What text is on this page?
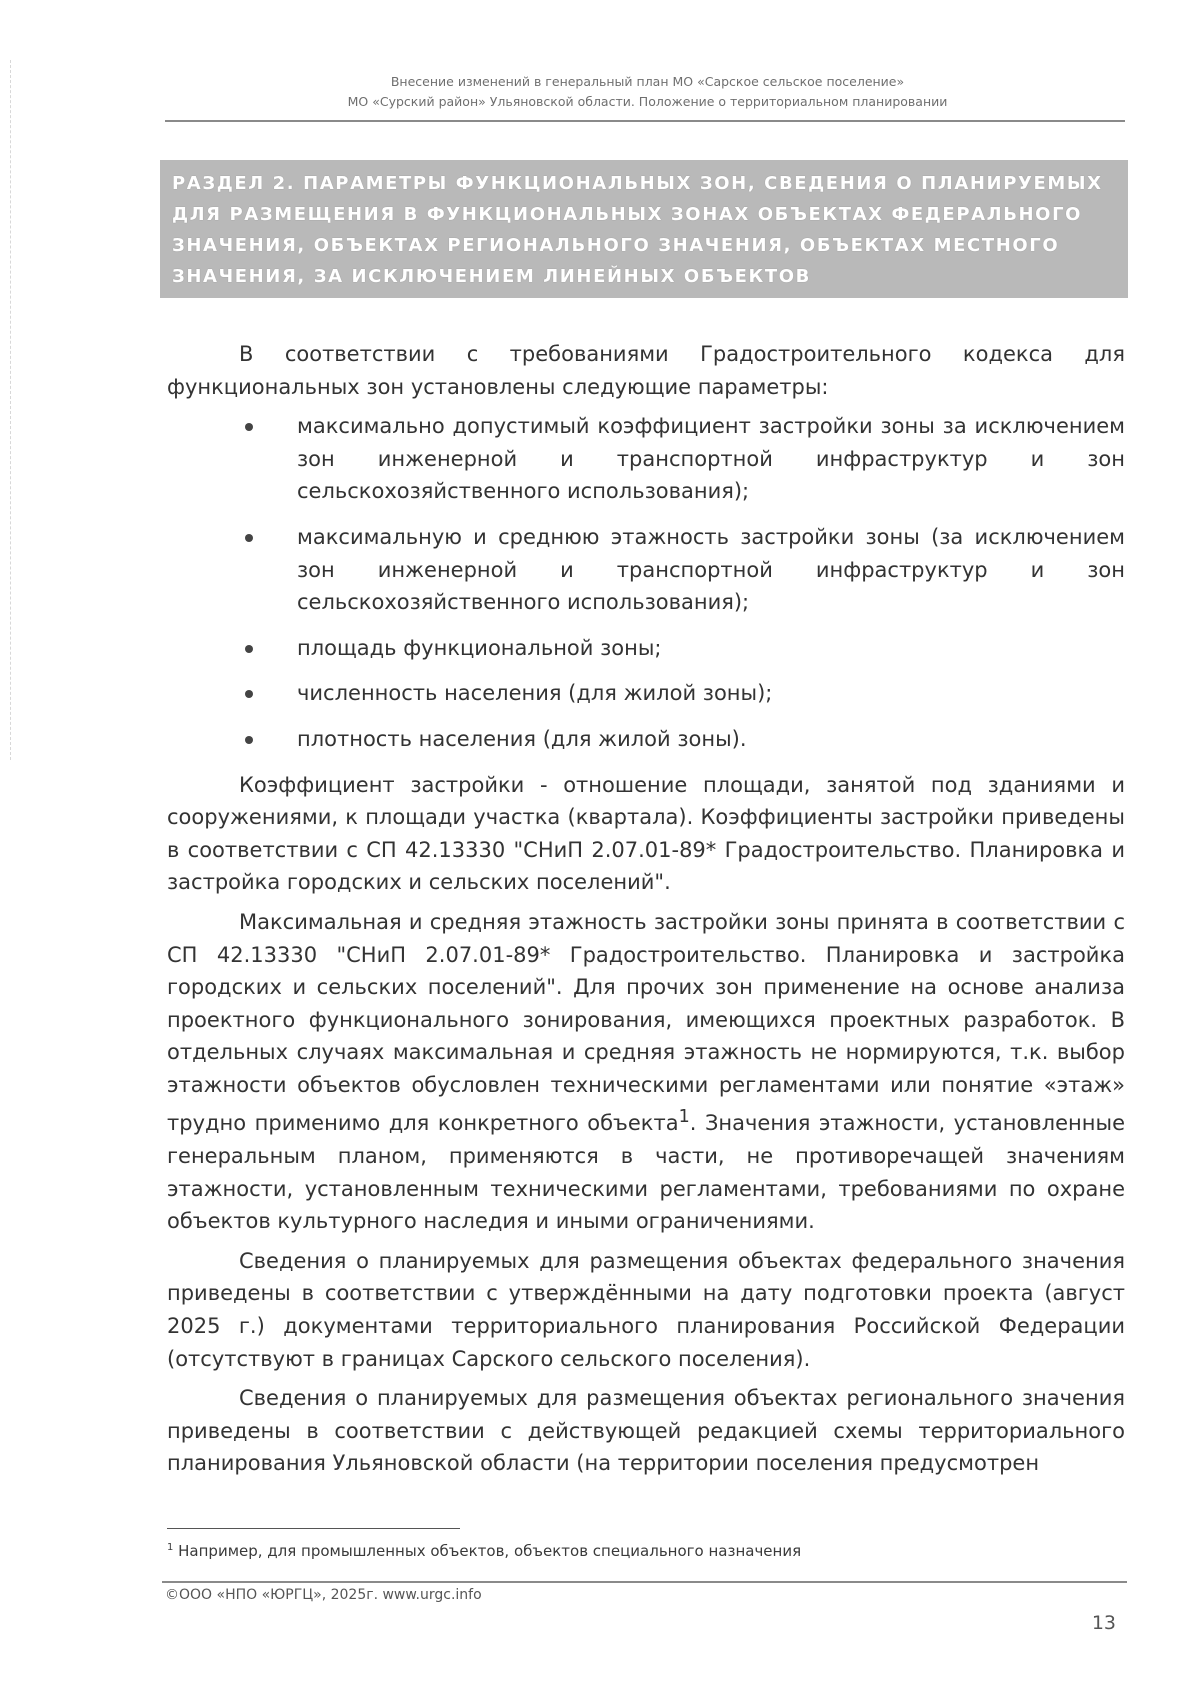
Внесение изменений в генеральный план МО «Сарское сельское поселение»
МО «Сурский район» Ульяновской области. Положение о территориальном планировании

РАЗДЕЛ 2. ПАРАМЕТРЫ ФУНКЦИОНАЛЬНЫХ ЗОН, СВЕДЕНИЯ О ПЛАНИРУЕМЫХ ДЛЯ РАЗМЕЩЕНИЯ В ФУНКЦИОНАЛЬНЫХ ЗОНАХ ОБЪЕКТАХ ФЕДЕРАЛЬНОГО ЗНАЧЕНИЯ, ОБЪЕКТАХ РЕГИОНАЛЬНОГО ЗНАЧЕНИЯ, ОБЪЕКТАХ МЕСТНОГО ЗНАЧЕНИЯ, ЗА ИСКЛЮЧЕНИЕМ ЛИНЕЙНЫХ ОБЪЕКТОВ

В соответствии с требованиями Градостроительного кодекса для функциональных зон установлены следующие параметры:

максимально допустимый коэффициент застройки зоны за исключением зон инженерной и транспортной инфраструктур и зон сельскохозяйственного использования);
максимальную и среднюю этажность застройки зоны (за исключением зон инженерной и транспортной инфраструктур и зон сельскохозяйственного использования);
площадь функциональной зоны;
численность населения (для жилой зоны);
плотность населения (для жилой зоны).

Коэффициент застройки - отношение площади, занятой под зданиями и сооружениями, к площади участка (квартала). Коэффициенты застройки приведены в соответствии с СП 42.13330 "СНиП 2.07.01-89* Градостроительство. Планировка и застройка городских и сельских поселений".

Максимальная и средняя этажность застройки зоны принята в соответствии с СП 42.13330 "СНиП 2.07.01-89* Градостроительство. Планировка и застройка городских и сельских поселений". Для прочих зон применение на основе анализа проектного функционального зонирования, имеющихся проектных разработок. В отдельных случаях максимальная и средняя этажность не нормируются, т.к. выбор этажности объектов обусловлен техническими регламентами или понятие «этаж» трудно применимо для конкретного объекта$^1$. Значения этажности, установленные генеральным планом, применяются в части, не противоречащей значениям этажности, установленным техническими регламентами, требованиями по охране объектов культурного наследия и иными ограничениями.

Сведения о планируемых для размещения объектах федерального значения приведены в соответствии с утверждёнными на дату подготовки проекта (август 2025 г.) документами территориального планирования Российской Федерации (отсутствуют в границах Сарского сельского поселения).

Сведения о планируемых для размещения объектах регионального значения приведены в соответствии с действующей редакцией схемы территориального планирования Ульяновской области (на территории поселения предусмотрен

$^1$ Например, для промышленных объектов, объектов специального назначения
©ООО «НПО «ЮРГЦ», 2025г. www.urgc.info
13
